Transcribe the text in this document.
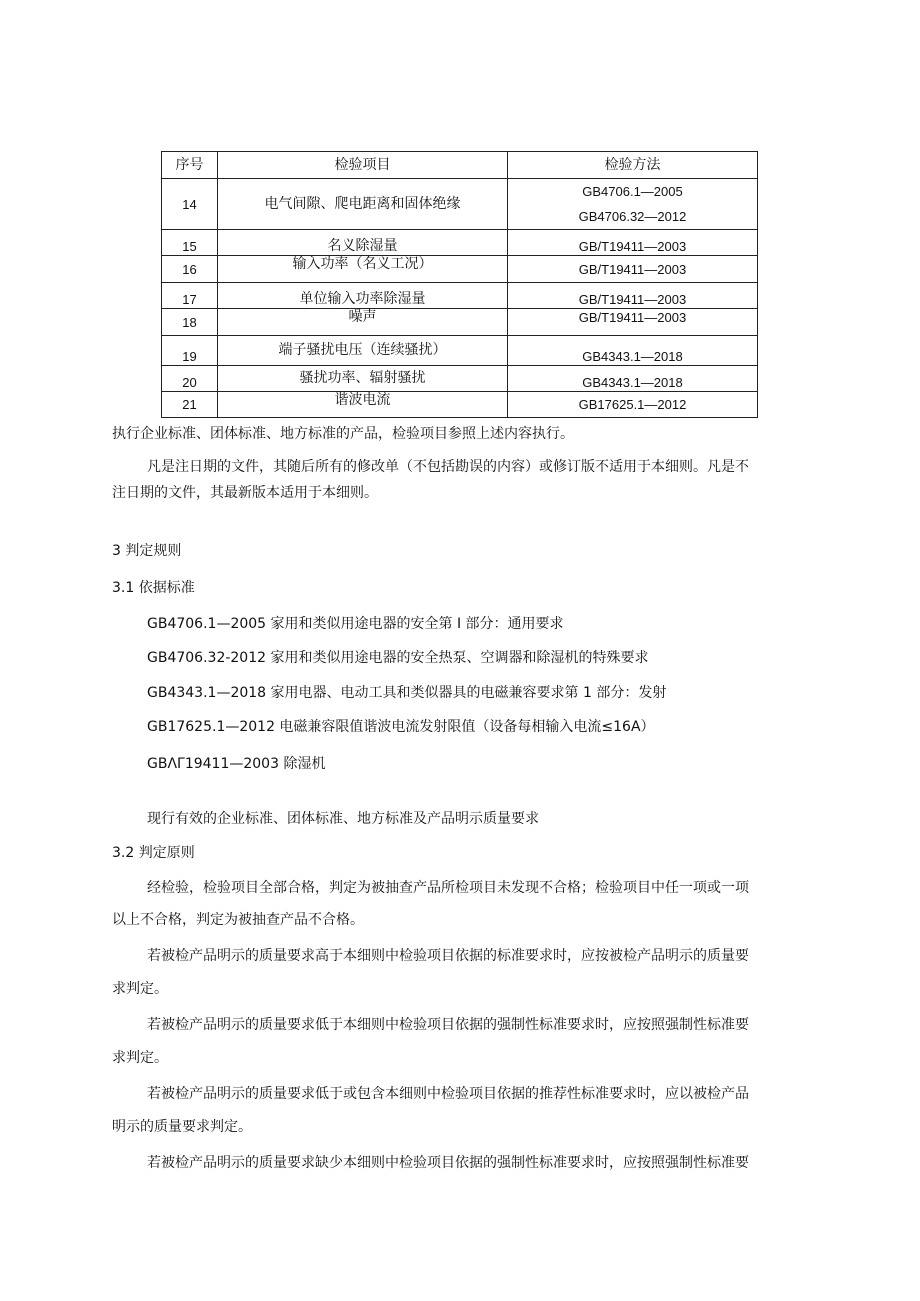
序号	检验项目	检验方法
14	电气间隙、爬电距离和固体绝缘	GB4706.1—2005
GB4706.32—2012

15	名义除湿量	GB/T19411—2003
16	输入功率（名义工况）	GB/T19411—2003
17	单位输入功率除湿量	GB/T19411—2003
18	噪声	GB/T19411—2003
19	端子骚扰电压（连续骚扰）	GB4343.1—2018
20	骚扰功率、辐射骚扰	GB4343.1—2018
21	谐波电流	GB17625.1—2012
执行企业标准、团体标准、地方标准的产品，检验项目参照上述内容执行。
凡是注日期的文件，其随后所有的修改单（不包括勘误的内容）或修订版不适用于本细则。凡是不
注日期的文件，其最新版本适用于本细则。
3 判定规则
3.1 依据标准
GB4706.1—2005 家用和类似用途电器的安全第 I 部分：通用要求
GB4706.32-2012 家用和类似用途电器的安全热泵、空调器和除湿机的特殊要求
GB4343.1—2018 家用电器、电动工具和类似器具的电磁兼容要求第 1 部分：发射
GB17625.1—2012 电磁兼容限值谐波电流发射限值（设备每相输入电流≤16A）
GBΛΓ19411—2003 除湿机
现行有效的企业标准、团体标准、地方标准及产品明示质量要求
3.2 判定原则
经检验，检验项目全部合格，判定为被抽查产品所检项目未发现不合格；检验项目中任一项或一项
以上不合格，判定为被抽查产品不合格。
若被检产品明示的质量要求高于本细则中检验项目依据的标准要求时，应按被检产品明示的质量要
求判定。
若被检产品明示的质量要求低于本细则中检验项目依据的强制性标准要求时，应按照强制性标准要
求判定。
若被检产品明示的质量要求低于或包含本细则中检验项目依据的推荐性标准要求时，应以被检产品
明示的质量要求判定。
若被检产品明示的质量要求缺少本细则中检验项目依据的强制性标准要求时，应按照强制性标准要
